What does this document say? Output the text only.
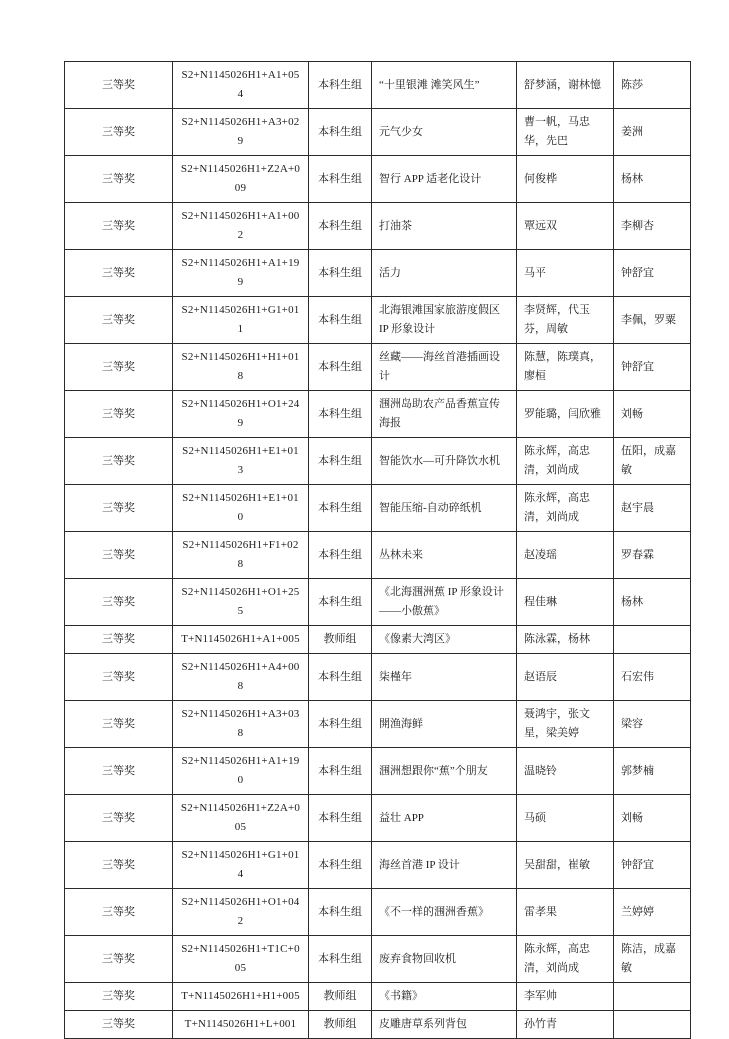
三等奖	S2+N1145026H1+A1+054	本科生组	“十里银滩 滩笑风生”	舒梦涵，谢林憶	陈莎
三等奖	S2+N1145026H1+A3+029	本科生组	元气少女	曹一帆，马忠华，先巴	姜洲
三等奖	S2+N1145026H1+Z2A+009	本科生组	智行 APP 适老化设计	何俊桦	杨林
三等奖	S2+N1145026H1+A1+002	本科生组	打油茶	覃远双	李柳杏
三等奖	S2+N1145026H1+A1+199	本科生组	活力	马平	钟舒宜
三等奖	S2+N1145026H1+G1+011	本科生组	北海银滩国家旅游度假区 IP 形象设计	李贤辉，代玉芬，周敏	李佩，罗粟
三等奖	S2+N1145026H1+H1+018	本科生组	丝藏——海丝首港插画设计	陈慧，陈璞真，廖桓	钟舒宜
三等奖	S2+N1145026H1+O1+249	本科生组	涠洲岛助农产品香蕉宣传海报	罗能璐，闫欣雅	刘畅
三等奖	S2+N1145026H1+E1+013	本科生组	智能饮水—可升降饮水机	陈永辉，高忠清，刘尚成	伍阳，成嘉敏
三等奖	S2+N1145026H1+E1+010	本科生组	智能压缩-自动碎纸机	陈永辉，高忠清，刘尚成	赵宇晨
三等奖	S2+N1145026H1+F1+028	本科生组	丛林未来	赵凌瑶	罗春霖
三等奖	S2+N1145026H1+O1+255	本科生组	《北海涠洲蕉 IP 形象设计——小傲蕉》	程佳琳	杨林
三等奖	T+N1145026H1+A1+005	教师组	《像素大湾区》	陈泳霖，杨林	
三等奖	S2+N1145026H1+A4+008	本科生组	柒槿年	赵语辰	石宏伟
三等奖	S2+N1145026H1+A3+038	本科生组	開渔海鲜	聂鸿宇，张文星，梁美婷	梁容
三等奖	S2+N1145026H1+A1+190	本科生组	涠洲想跟你“蕉”个朋友	温晓铃	郭梦楠
三等奖	S2+N1145026H1+Z2A+005	本科生组	益壮 APP	马硕	刘畅
三等奖	S2+N1145026H1+G1+014	本科生组	海丝首港 IP 设计	吴甜甜，崔敏	钟舒宜
三等奖	S2+N1145026H1+O1+042	本科生组	《不一样的涠洲香蕉》	雷孝果	兰婷婷
三等奖	S2+N1145026H1+T1C+005	本科生组	废弃食物回收机	陈永辉，高忠清，刘尚成	陈洁，成嘉敏
三等奖	T+N1145026H1+H1+005	教师组	《书籍》	李军帅	
三等奖	T+N1145026H1+L+001	教师组	皮雕唐草系列背包	孙竹青	
